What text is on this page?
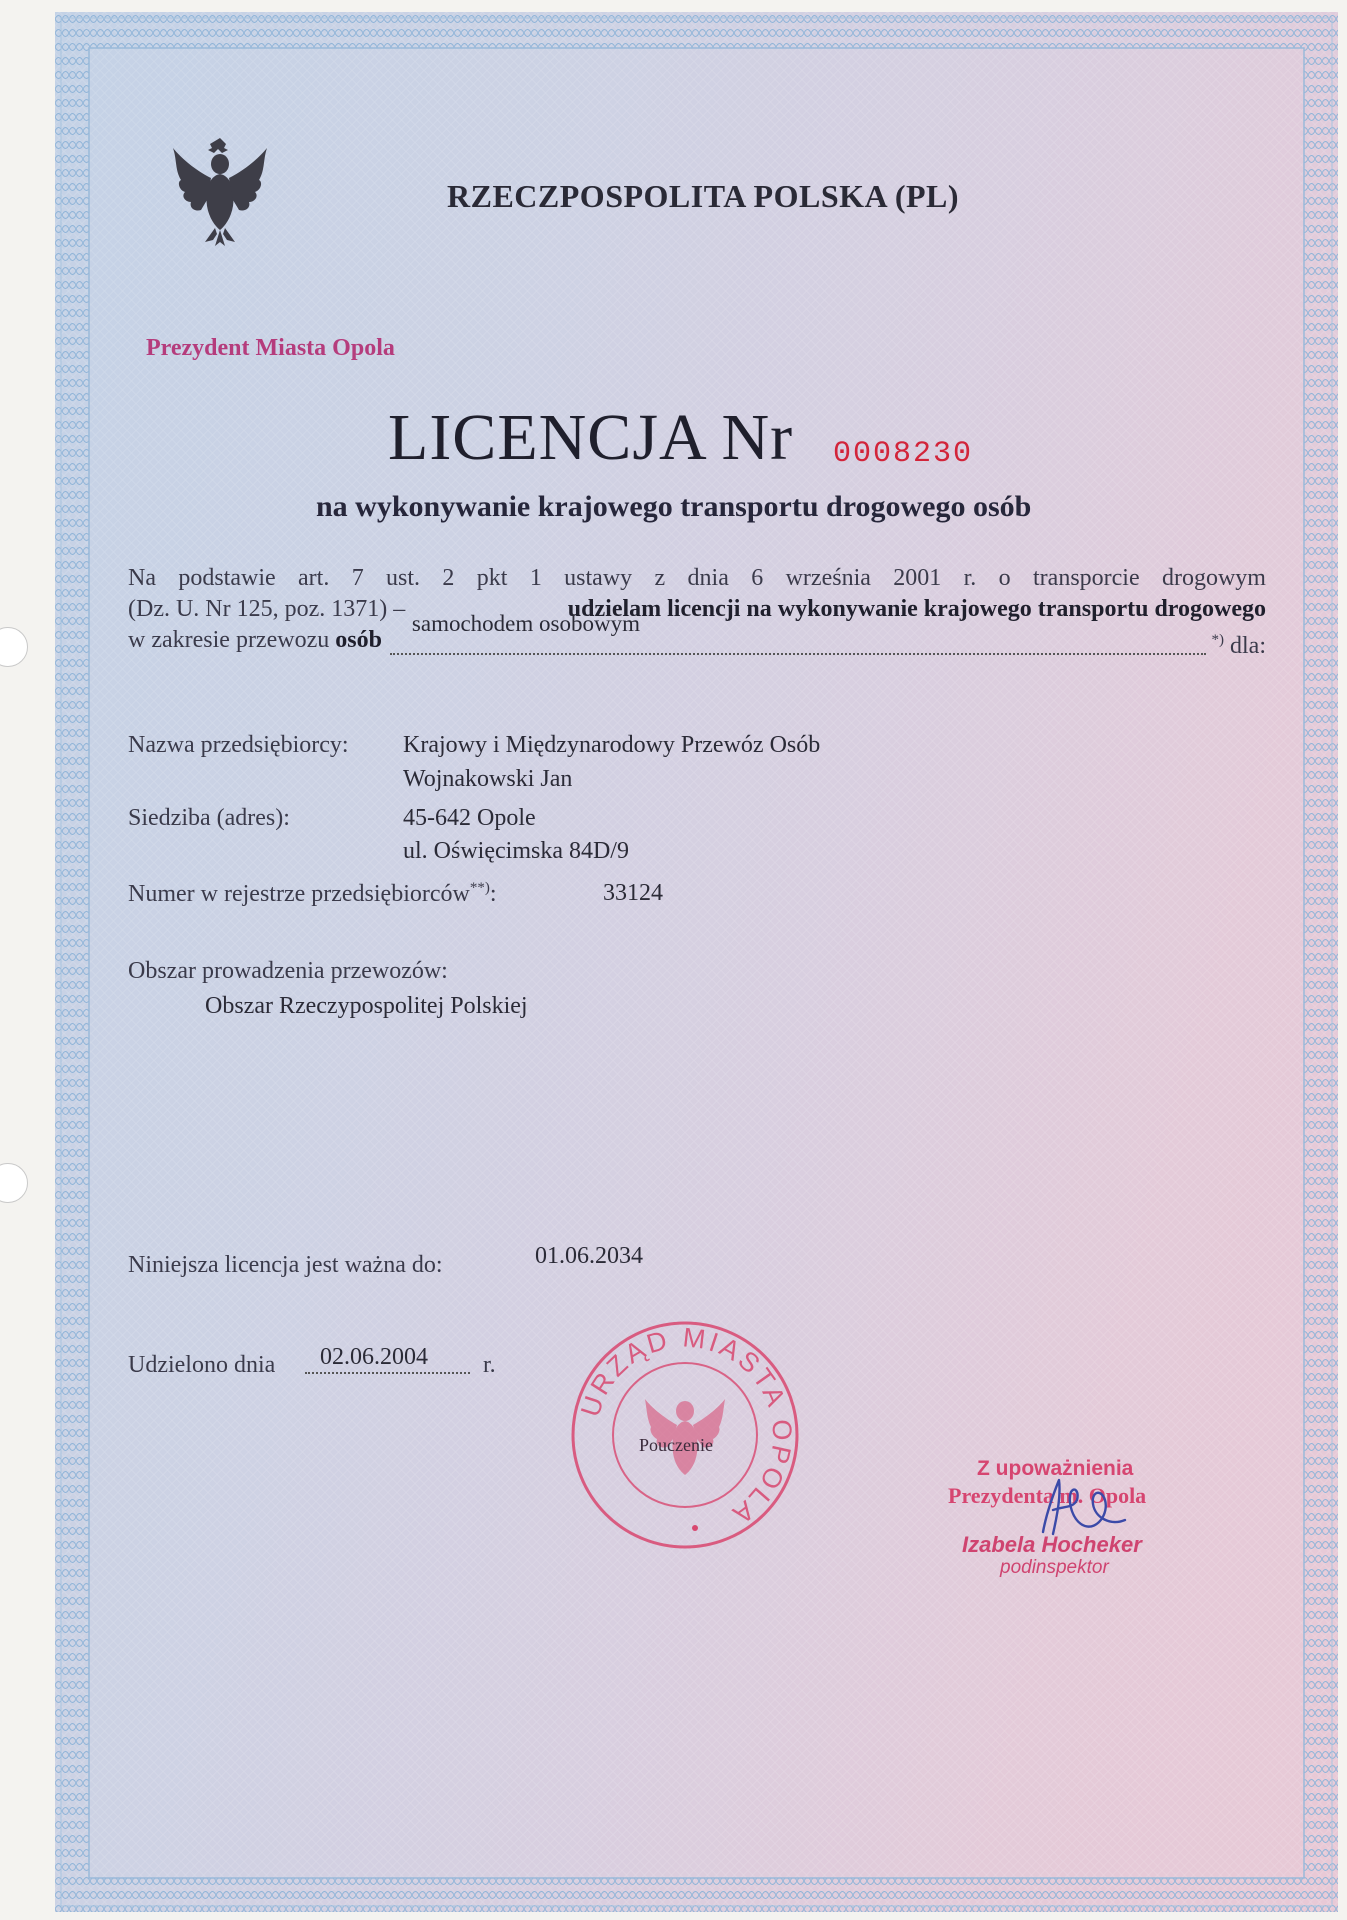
RZECZPOSPOLITA POLSKA (PL)
Prezydent Miasta Opola
LICENCJA Nr 0008230
na wykonywanie krajowego transportu drogowego osób
Na podstawie art. 7 ust. 2 pkt 1 ustawy z dnia 6 września 2001 r. o transporcie drogowym
(Dz. U. Nr 125, poz. 1371) –	udzielam licencji na wykonywanie krajowego transportu drogowego
w zakresie przewozu osób
samochodem osobowym
*) dla:
Nazwa przedsiębiorcy: Krajowy i Międzynarodowy Przewóz Osób
Wojnakowski Jan
Siedziba (adres):	45-642 Opole
ul. Oświęcimska 84D/9
Numer w rejestrze przedsiębiorców**):	33124
Obszar prowadzenia przewozów:
Obszar Rzeczypospolitej Polskiej
Niniejsza licencja jest ważna do:	01.06.2034
Udzielono dnia 02.06.2004 r.
URZĄD MIASTA OPOLA
Pouczenie
Z upoważnienia
Prezydenta m. Opola
Izabela Hocheker
podinspektor
